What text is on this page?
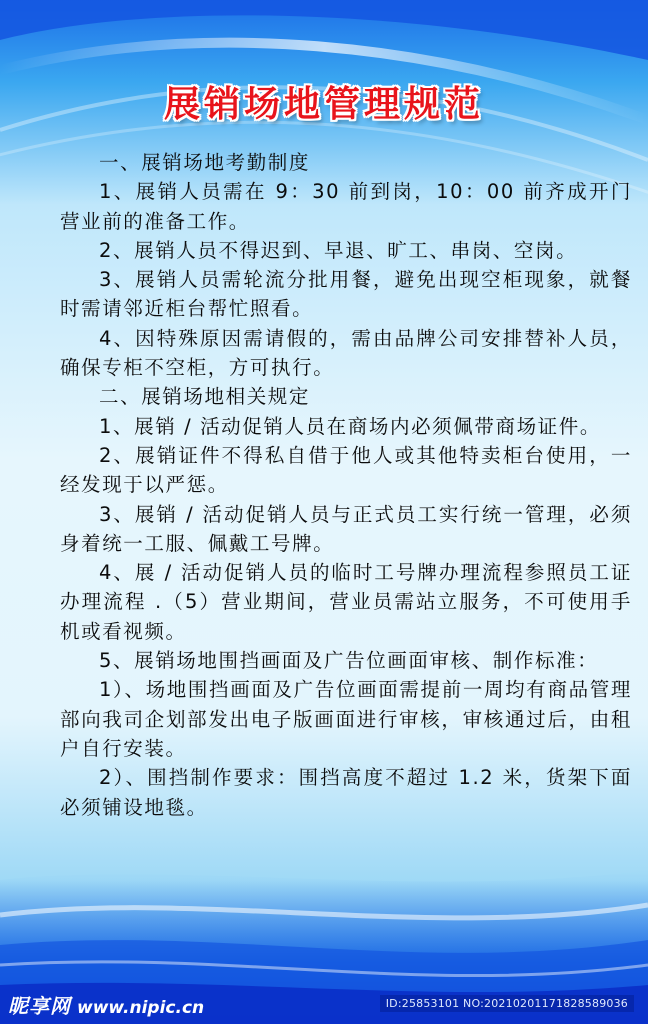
展销场地管理规范

一、展销场地考勤制度

1、展销人员需在 9：30 前到岗，10：00 前齐成开门营业前的准备工作。

2、展销人员不得迟到、早退、旷工、串岗、空岗。

3、展销人员需轮流分批用餐，避免出现空柜现象，就餐时需请邻近柜台帮忙照看。

4、因特殊原因需请假的，需由品牌公司安排替补人员，确保专柜不空柜，方可执行。

二、展销场地相关规定

1、展销 / 活动促销人员在商场内必须佩带商场证件。

2、展销证件不得私自借于他人或其他特卖柜台使用，一经发现于以严惩。

3、展销 / 活动促销人员与正式员工实行统一管理，必须身着统一工服、佩戴工号牌。

4、展 / 活动促销人员的临时工号牌办理流程参照员工证办理流程 .（5）营业期间，营业员需站立服务，不可使用手机或看视频。

5、展销场地围挡画面及广告位画面审核、制作标准：

1）、场地围挡画面及广告位画面需提前一周均有商品管理部向我司企划部发出电子版画面进行审核，审核通过后，由租户自行安装。

2）、围挡制作要求：围挡高度不超过 1.2 米，货架下面必须铺设地毯。

昵享网 www.nipic.cn	ID:25853101 NO:20210201171828589036
